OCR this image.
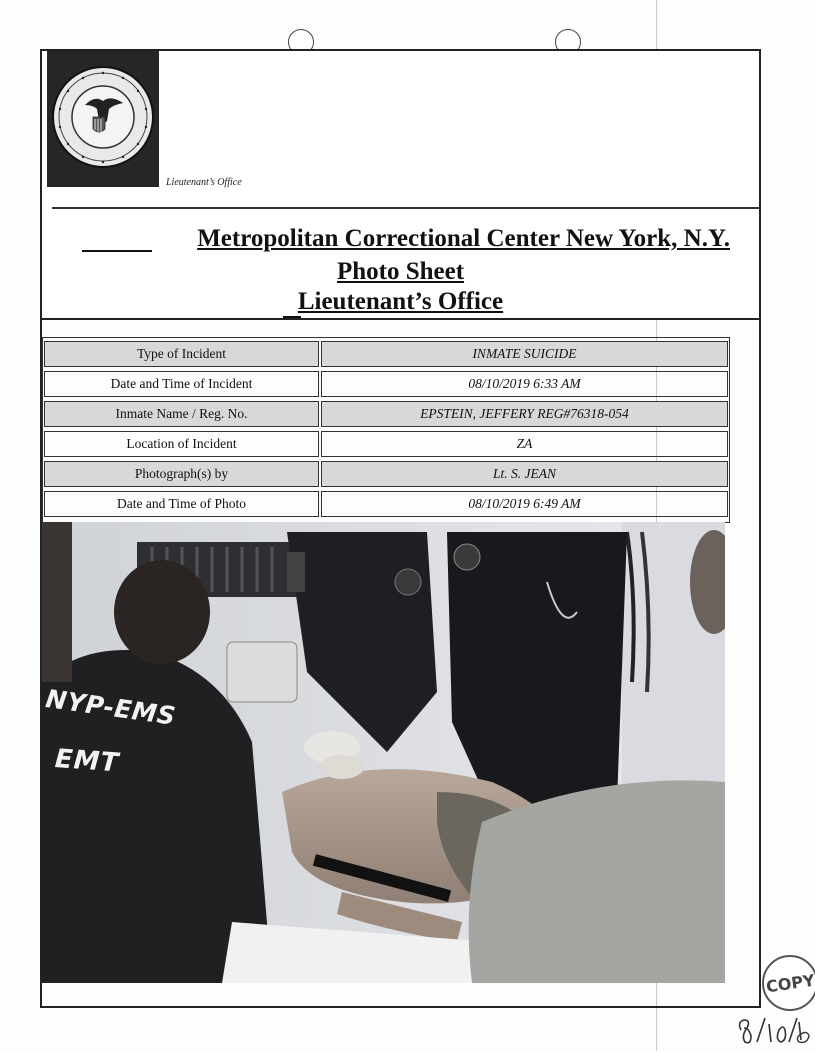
Lieutenant’s Office
Metropolitan Correctional Center New York, N.Y.
Photo Sheet
Lieutenant’s Office
Type of Incident	INMATE SUICIDE
Date and Time of Incident	08/10/2019 6:33 AM
Inmate Name / Reg. No.	EPSTEIN, JEFFERY REG#76318-054
Location of Incident	ZA
Photograph(s) by	Lt. S. JEAN
Date and Time of Photo	08/10/2019 6:49 AM
NYP-EMS
EMT
COPY
